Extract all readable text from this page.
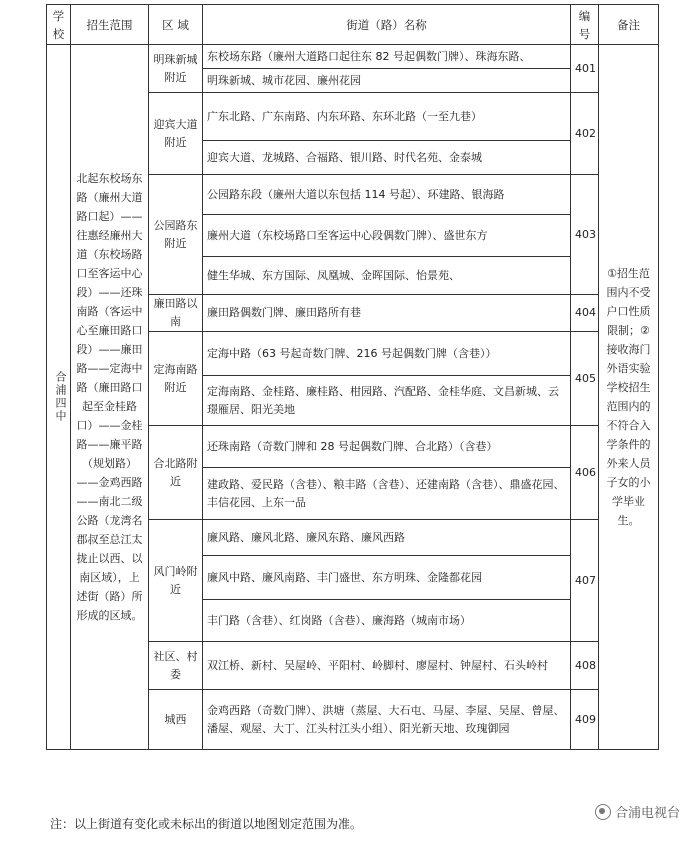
学校	招生范围	区 域	街道（路）名称	编号	备注

合浦四中	北起东校场东路（廉州大道路口起）——往惠经廉州大道（东校场路口至客运中心段）——还珠南路（客运中心至廉田路口段）——廉田路——定海中路（廉田路口起至金桂路口）——金桂路——廉平路（规划路）——金鸡西路——南北二级公路（龙湾名郡叔至总江太拢止以西、以南区域），上述街（路）所形成的区域。	明珠新城附近	东校场东路（廉州大道路口起往东 82 号起偶数门牌）、珠海东路、	401	①招生范围内不受户口性质限制；②接收海门外语实验学校招生范围内的不符合入学条件的外来人员子女的小学毕业生。
			明珠新城、城市花园、廉州花园		
		迎宾大道附近	广东北路、广东南路、内东环路、东环北路（一至九巷）	402	
			迎宾大道、龙城路、合福路、银川路、时代名苑、金泰城		
		公园路东附近	公园路东段（廉州大道以东包括 114 号起）、环建路、银海路	403	
			廉州大道（东校场路口至客运中心段偶数门牌）、盛世东方		
			健生华城、东方国际、凤凰城、金晖国际、怡景苑、		
		廉田路以南	廉田路偶数门牌、廉田路所有巷	404	
		定海南路附近	定海中路（63 号起奇数门牌、216 号起偶数门牌（含巷））	405	
			定海南路、金桂路、廉桂路、柑园路、汽配路、金桂华庭、文昌新城、云璟雁居、阳光美地		
		合北路附近	还珠南路（奇数门牌和 28 号起偶数门牌、合北路）（含巷）	406	
			建政路、爱民路（含巷）、粮丰路（含巷）、还建南路（含巷）、鼎盛花园、丰信花园、上东一品		
		风门岭附近	廉风路、廉风北路、廉风东路、廉风西路	407	
			廉风中路、廉风南路、丰门盛世、东方明珠、金隆都花园		
			丰门路（含巷）、红岗路（含巷）、廉海路（城南市场）		
		社区、村委	双江桥、新村、吴屋岭、平阳村、岭脚村、廖屋村、钟屋村、石头岭村	408	
		城西	金鸡西路（奇数门牌）、洪塘（蒸屋、大石屯、马屋、李屋、吴屋、曾屋、潘屋、观屋、大丁、江头村江头小组）、阳光新天地、玫瑰御园	409	
注：以上街道有变化或未标出的街道以地图划定范围为准。
合浦电视台
